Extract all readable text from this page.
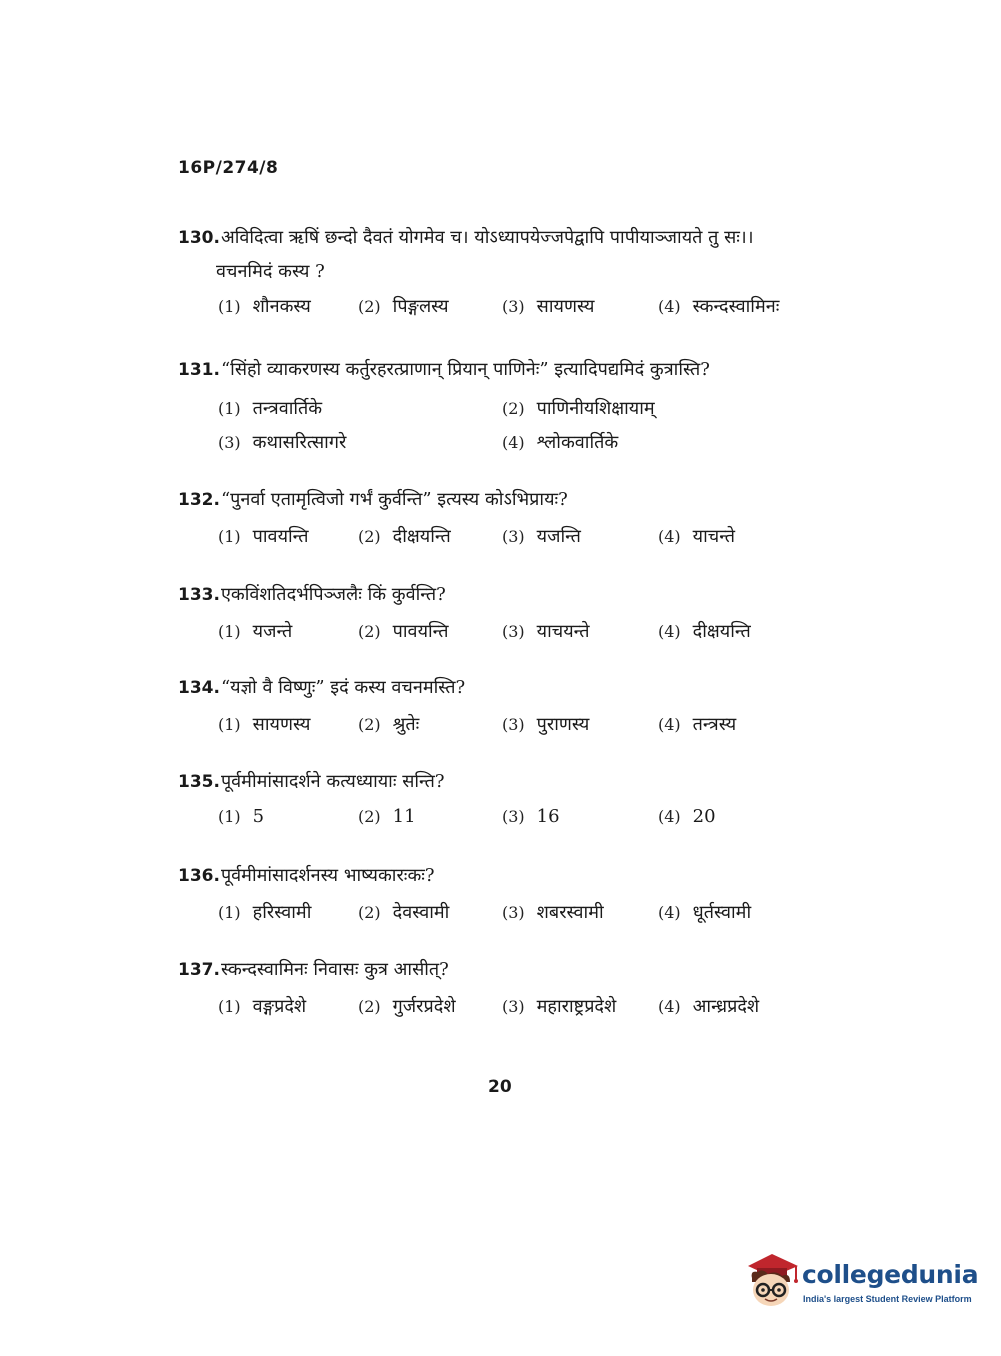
16P/274/8
130. अविदित्वा ऋषिं छन्दो दैवतं योगमेव च। योऽध्यापयेज्जपेद्वापि पापीयाञ्जायते तु सः।।
वचनमिदं कस्य ?
(1) शौनकस्य	(2) पिङ्गलस्य	(3) सायणस्य	(4) स्कन्दस्वामिनः
131. “सिंहो व्याकरणस्य कर्तुरहरत्प्राणान् प्रियान् पाणिनेः” इत्यादिपद्यमिदं कुत्रास्ति?
(1) तन्त्रवार्तिके	(2) पाणिनीयशिक्षायाम्
(3) कथासरित्सागरे	(4) श्लोकवार्तिके
132. “पुनर्वा एतामृत्विजो गर्भं कुर्वन्ति” इत्यस्य कोऽभिप्रायः?
(1) पावयन्ति	(2) दीक्षयन्ति	(3) यजन्ति	(4) याचन्ते
133. एकविंशतिदर्भपिञ्जलैः किं कुर्वन्ति?
(1) यजन्ते	(2) पावयन्ति	(3) याचयन्ते	(4) दीक्षयन्ति
134. “यज्ञो वै विष्णुः” इदं कस्य वचनमस्ति?
(1) सायणस्य	(2) श्रुतेः	(3) पुराणस्य	(4) तन्त्रस्य
135. पूर्वमीमांसादर्शने कत्यध्यायाः सन्ति?
(1) 5	(2) 11	(3) 16	(4) 20
136. पूर्वमीमांसादर्शनस्य भाष्यकारःकः?
(1) हरिस्वामी	(2) देवस्वामी	(3) शबरस्वामी	(4) धूर्तस्वामी
137. स्कन्दस्वामिनः निवासः कुत्र आसीत्?
(1) वङ्गप्रदेशे	(2) गुर्जरप्रदेशे	(3) महाराष्ट्रप्रदेशे	(4) आन्ध्रप्रदेशे
20
collegedunia
India's largest Student Review Platform
